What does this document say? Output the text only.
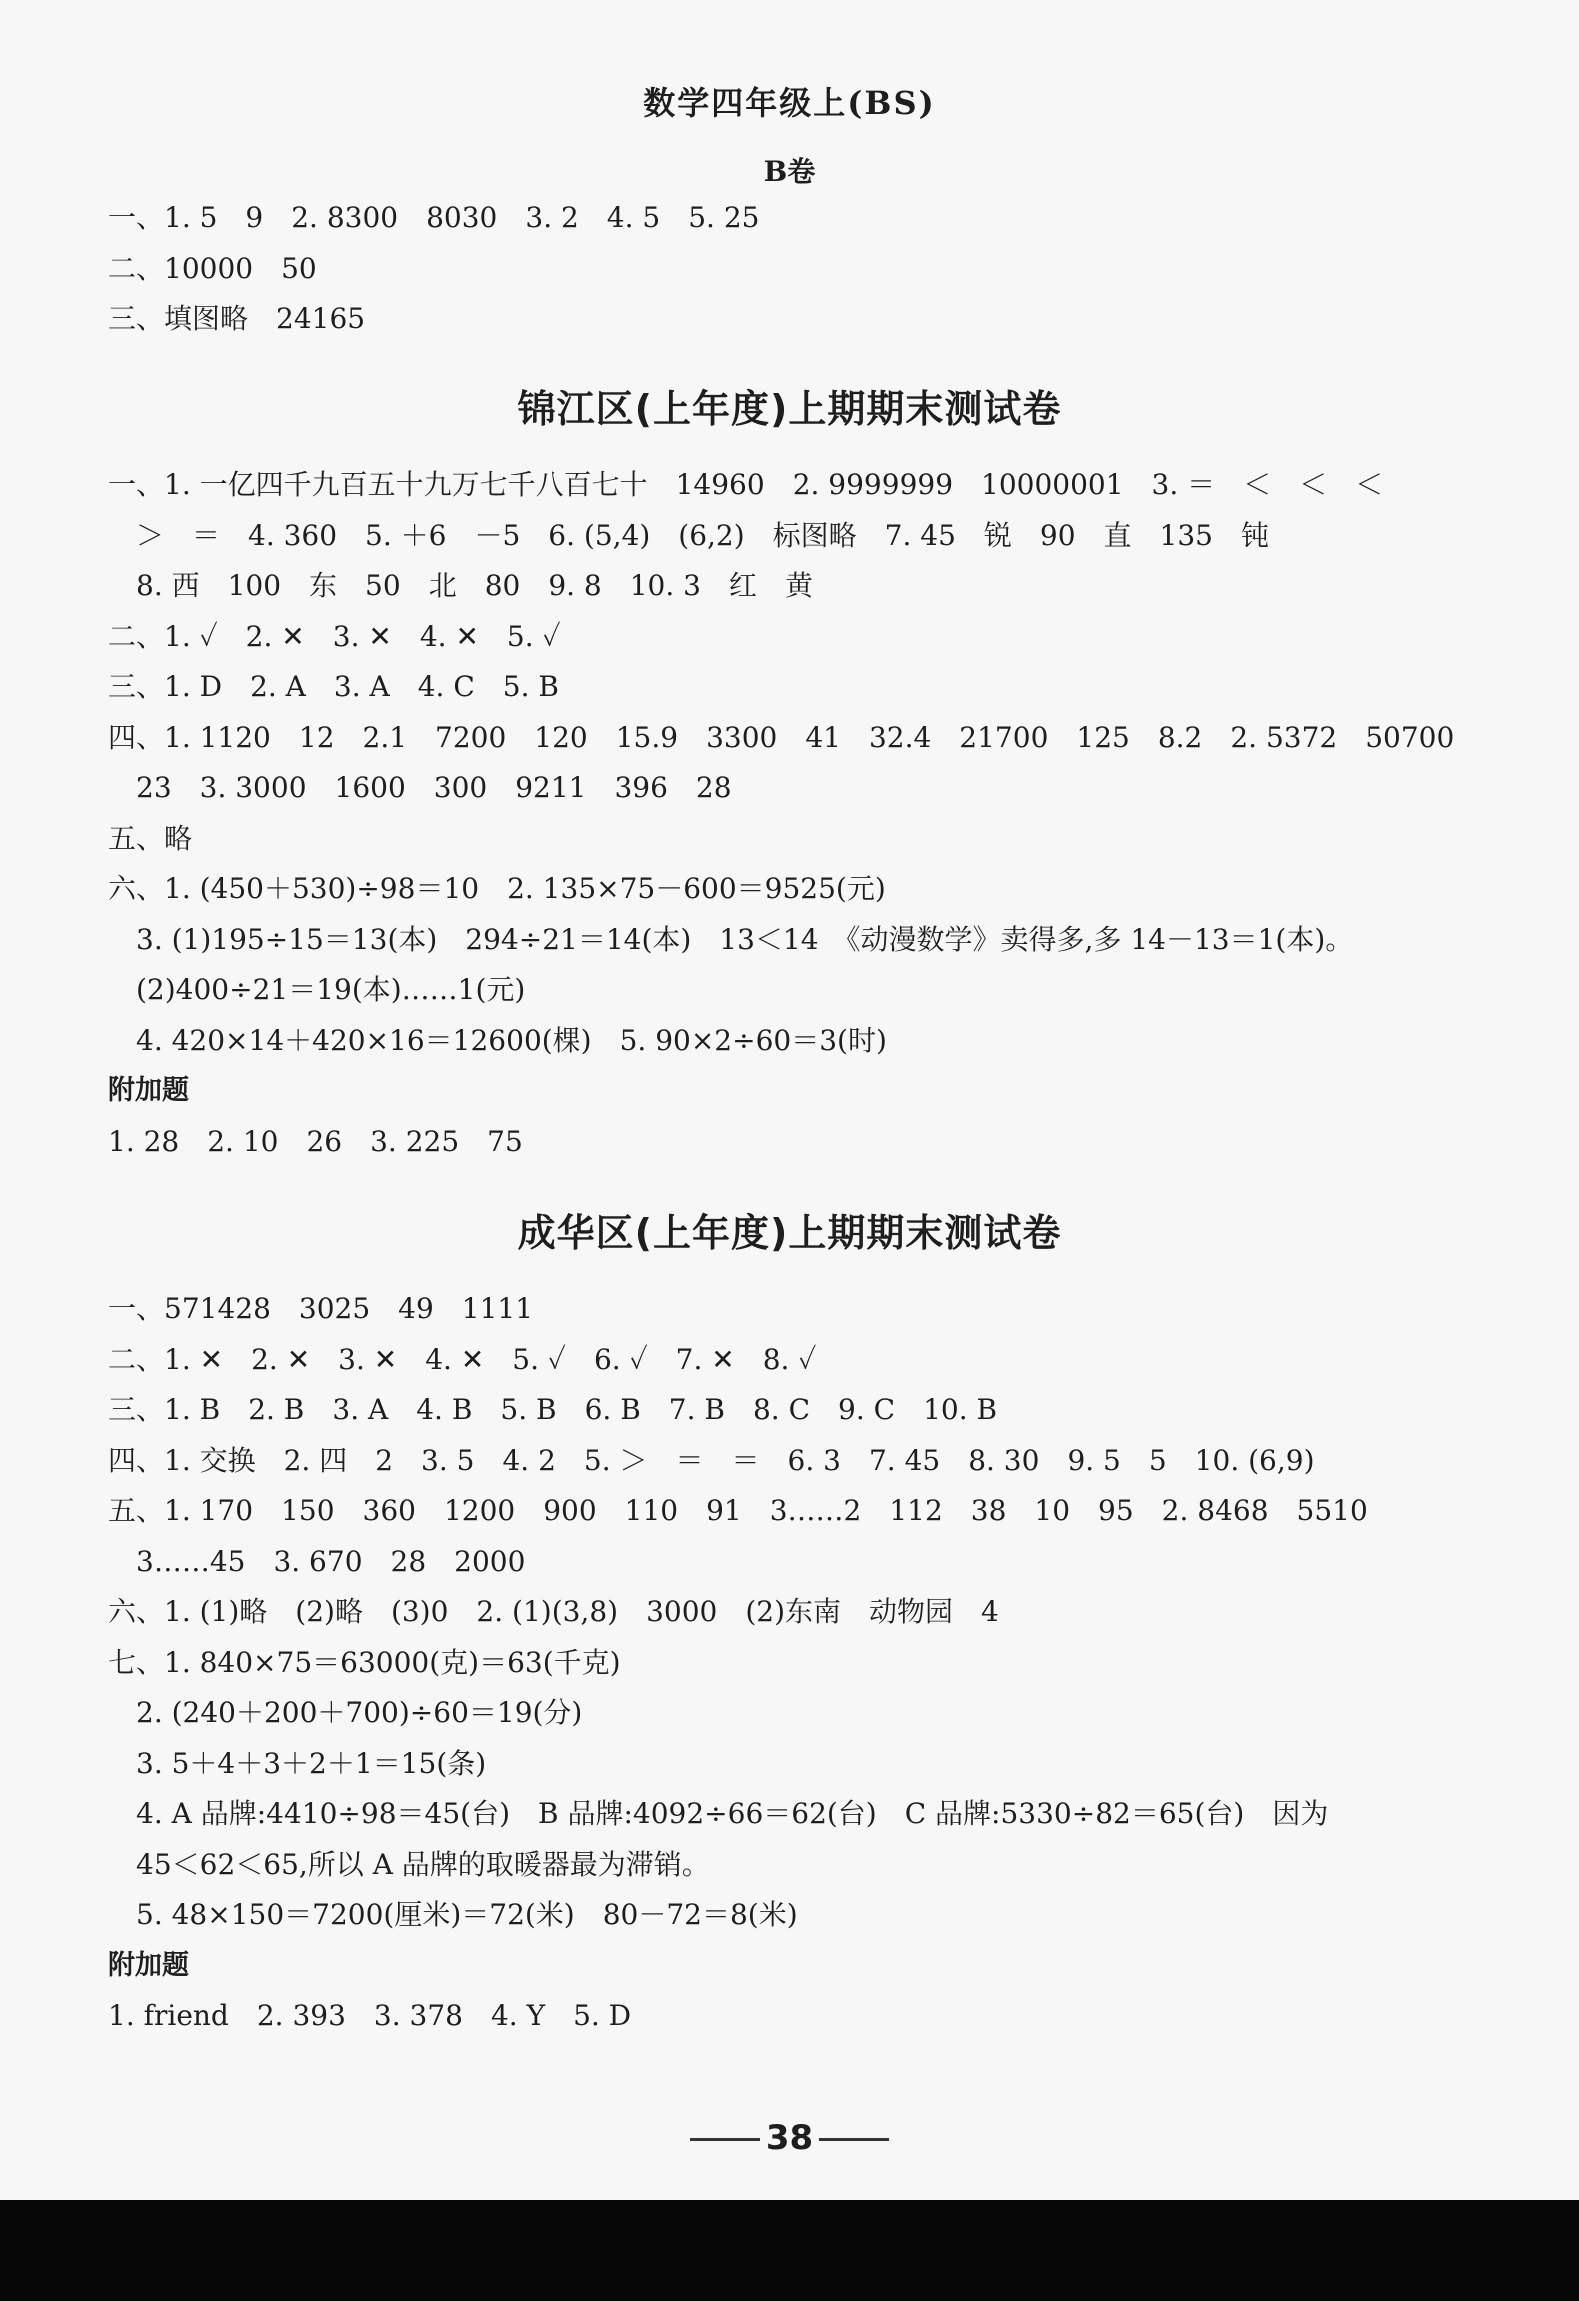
数学四年级上(BS)
B卷
一、1. 5　9　2. 8300　8030　3. 2　4. 5　5. 25
二、10000　50
三、填图略　24165
锦江区(上年度)上期期末测试卷
一、1. 一亿四千九百五十九万七千八百七十　14960　2. 9999999　10000001　3. ＝　＜　＜　＜
　＞　＝　4. 360　5. ＋6　－5　6. (5,4)　(6,2)　标图略　7. 45　锐　90　直　135　钝
　8. 西　100　东　50　北　80　9. 8　10. 3　红　黄
二、1. ✓　2. ✕　3. ✕　4. ✕　5. ✓
三、1. D　2. A　3. A　4. C　5. B
四、1. 1120　12　2.1　7200　120　15.9　3300　41　32.4　21700　125　8.2　2. 5372　50700
　23　3. 3000　1600　300　9211　396　28
五、略
六、1. (450＋530)÷98＝10　2. 135×75－600＝9525(元)
　3. (1)195÷15＝13(本)　294÷21＝14(本)　13＜14　《动漫数学》卖得多,多 14－13＝1(本)。
　(2)400÷21＝19(本)……1(元)
　4. 420×14＋420×16＝12600(棵)　5. 90×2÷60＝3(时)
附加题
1. 28　2. 10　26　3. 225　75
成华区(上年度)上期期末测试卷
一、571428　3025　49　1111
二、1. ✕　2. ✕　3. ✕　4. ✕　5. ✓　6. ✓　7. ✕　8. ✓
三、1. B　2. B　3. A　4. B　5. B　6. B　7. B　8. C　9. C　10. B
四、1. 交换　2. 四　2　3. 5　4. 2　5. ＞　＝　＝　6. 3　7. 45　8. 30　9. 5　5　10. (6,9)
五、1. 170　150　360　1200　900　110　91　3……2　112　38　10　95　2. 8468　5510
　3……45　3. 670　28　2000
六、1. (1)略　(2)略　(3)0　2. (1)(3,8)　3000　(2)东南　动物园　4
七、1. 840×75＝63000(克)＝63(千克)
　2. (240＋200＋700)÷60＝19(分)
　3. 5＋4＋3＋2＋1＝15(条)
　4. A 品牌:4410÷98＝45(台)　B 品牌:4092÷66＝62(台)　C 品牌:5330÷82＝65(台)　因为
　45＜62＜65,所以 A 品牌的取暖器最为滞销。
　5. 48×150＝7200(厘米)＝72(米)　80－72＝8(米)
附加题
1. friend　2. 393　3. 378　4. Y　5. D
38
